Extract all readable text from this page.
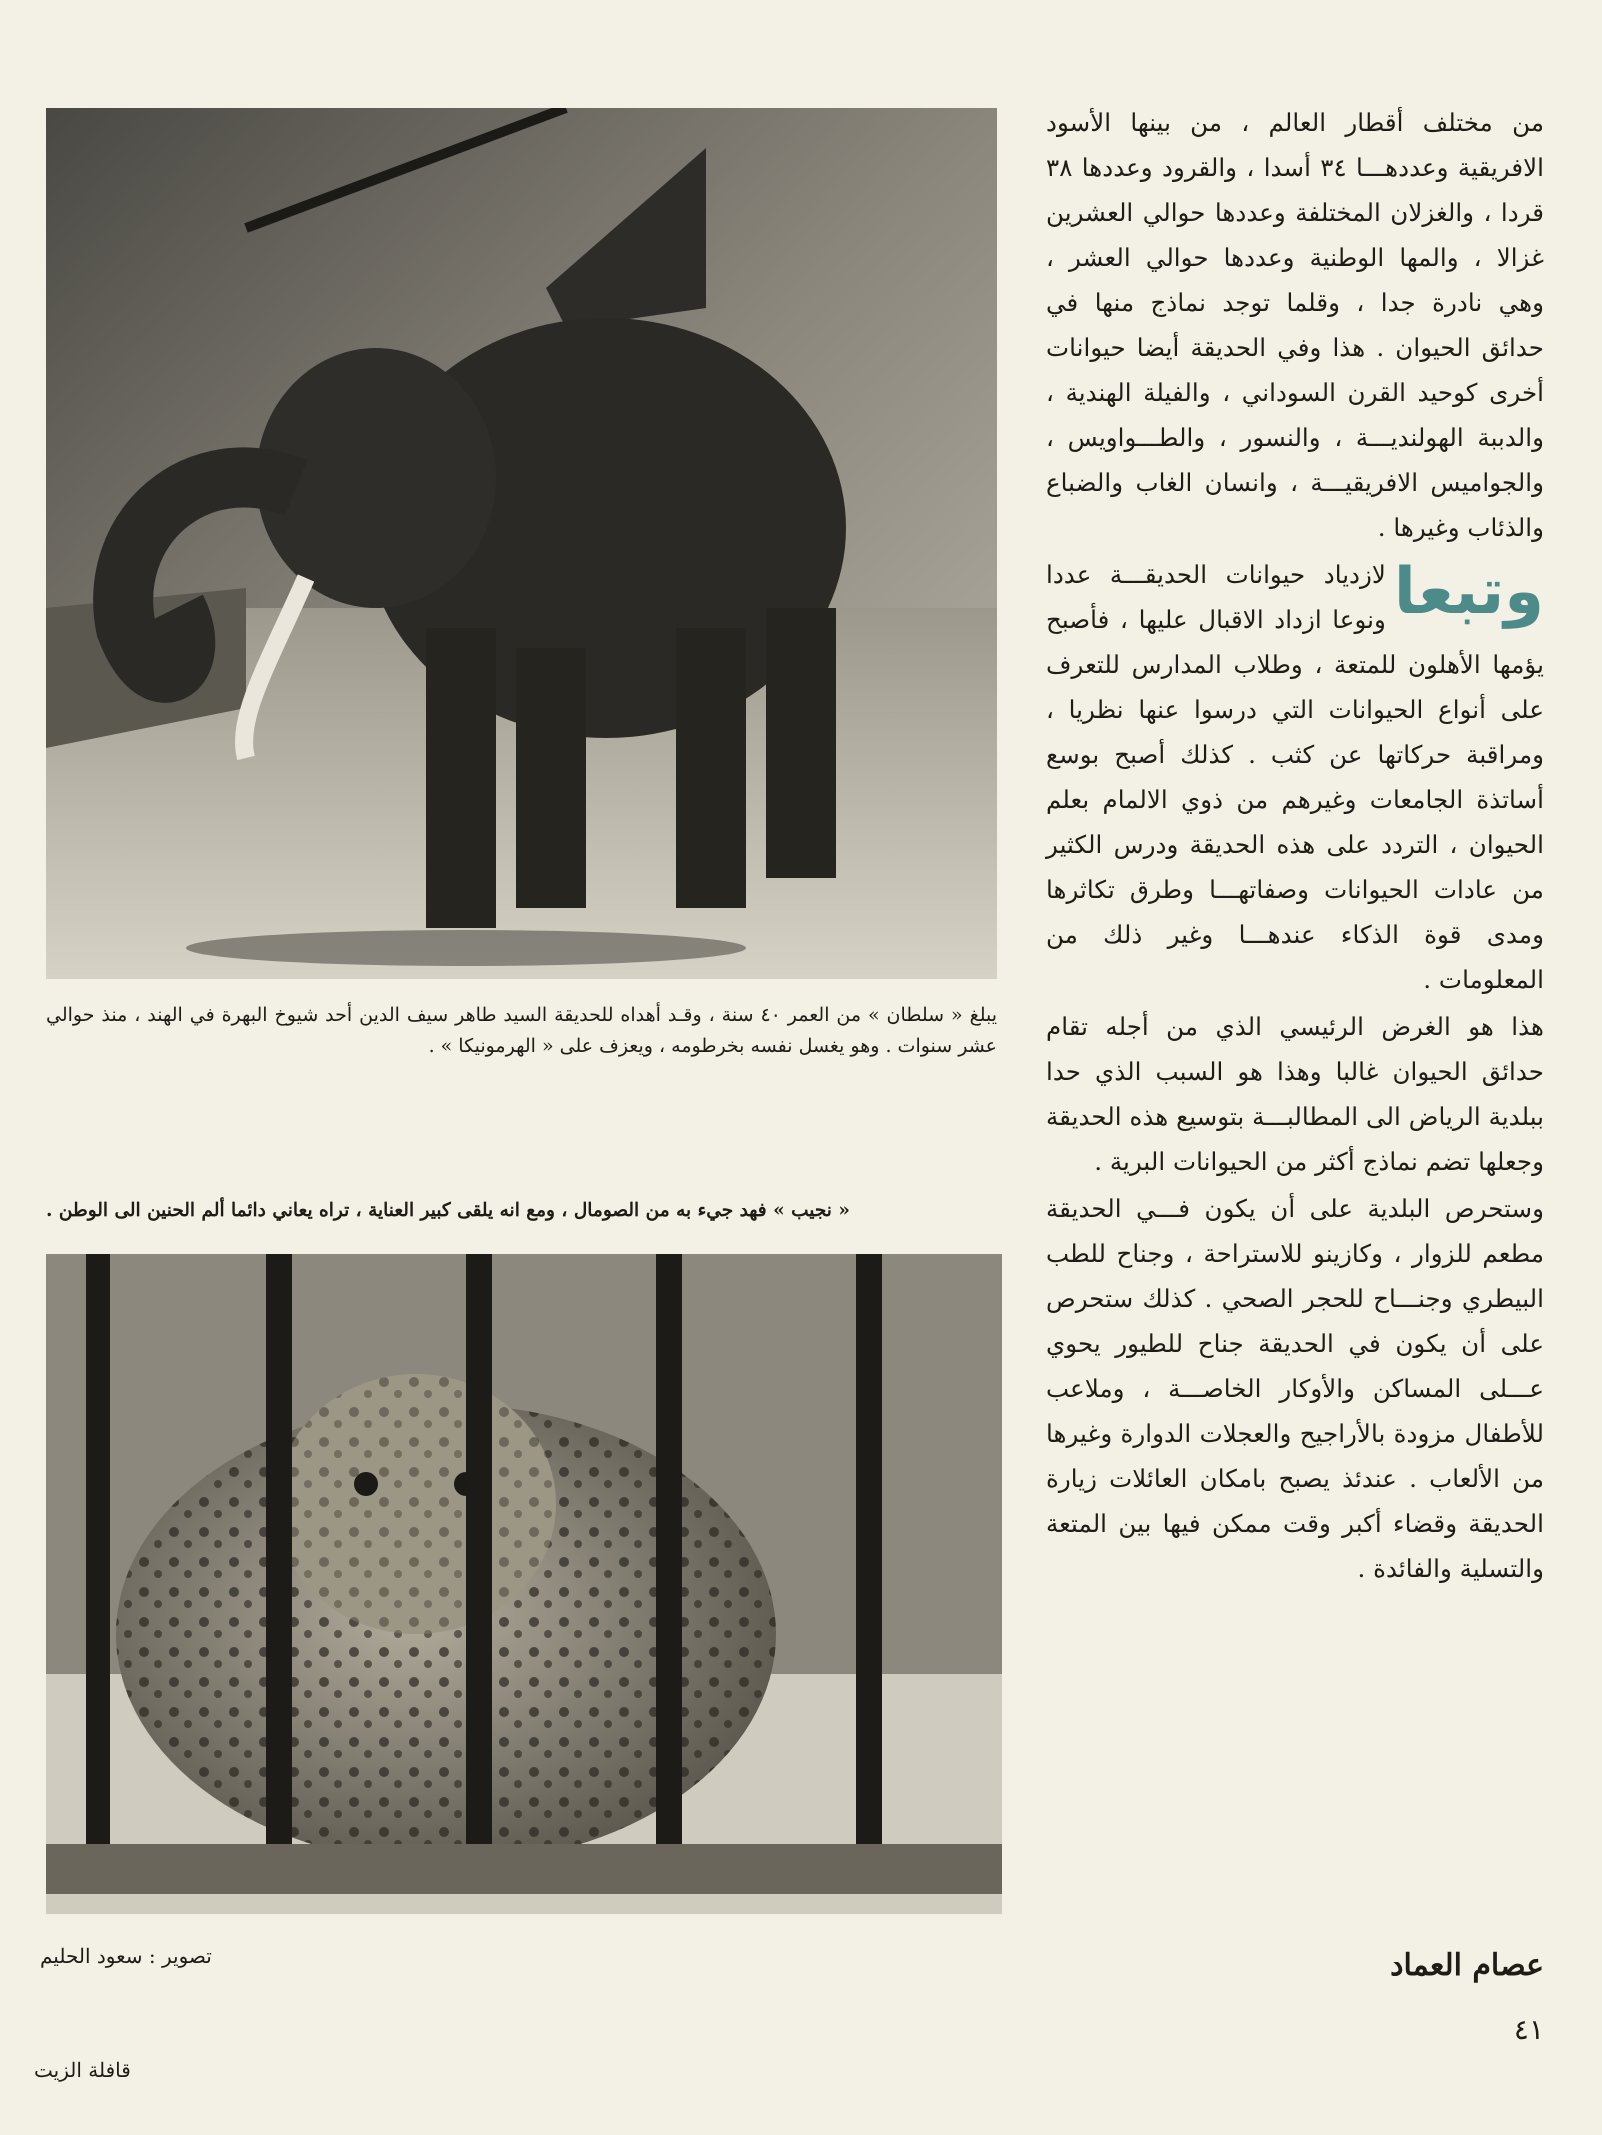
يبلغ « سلطان » من العمر ٤٠ سنة ، وقـد أهداه للحديقة السيد طاهر سيف الدين أحد شيوخ البهرة في الهند ، منذ حوالي عشر سنوات . وهو يغسل نفسه بخرطومه ، ويعزف على « الهرمونيكا » .
« نجيب » فهد جيء به من الصومال ، ومع انه يلقى كبير العناية ، تراه يعاني دائما ألم الحنين الى الوطن .
تصوير : سعود الحليم

من مختلف أقطار العالم ، من بينها الأسود الافريقية وعددهـــا ٣٤ أسدا ، والقرود وعددها ٣٨ قردا ، والغزلان المختلفة وعددها حوالي العشرين غزالا ، والمها الوطنية وعددها حوالي العشر ، وهي نادرة جدا ، وقلما توجد نماذج منها في حدائق الحيوان . هذا وفي الحديقة أيضا حيوانات أخرى كوحيد القرن السوداني ، والفيلة الهندية ، والدببة الهولنديـــة ، والنسور ، والطـــواويس ، والجواميس الافريقيـــة ، وانسان الغاب والضباع والذئاب وغيرها .

وتبعا
لازدياد حيوانات الحديقـــة عددا ونوعا ازداد الاقبال عليها ، فأصبح يؤمها الأهلون للمتعة ، وطلاب المدارس للتعرف على أنواع الحيوانات التي درسوا عنها نظريا ، ومراقبة حركاتها عن كثب . كذلك أصبح بوسع أساتذة الجامعات وغيرهم من ذوي الالمام بعلم الحيوان ، التردد على هذه الحديقة ودرس الكثير من عادات الحيوانات وصفاتهـــا وطرق تكاثرها ومدى قوة الذكاء عندهـــا وغير ذلك من المعلومات .

هذا هو الغرض الرئيسي الذي من أجله تقام حدائق الحيوان غالبا وهذا هو السبب الذي حدا ببلدية الرياض الى المطالبـــة بتوسيع هذه الحديقة وجعلها تضم نماذج أكثر من الحيوانات البرية .

وستحرص البلدية على أن يكون فـــي الحديقة مطعم للزوار ، وكازينو للاستراحة ، وجناح للطب البيطري وجنـــاح للحجر الصحي . كذلك ستحرص على أن يكون في الحديقة جناح للطيور يحوي عـــلى المساكن والأوكار الخاصـــة ، وملاعب للأطفال مزودة بالأراجيح والعجلات الدوارة وغيرها من الألعاب . عندئذ يصبح بامكان العائلات زيارة الحديقة وقضاء أكبر وقت ممكن فيها بين المتعة والتسلية والفائدة .

عصام العماد
٤١
قافلة الزيت
